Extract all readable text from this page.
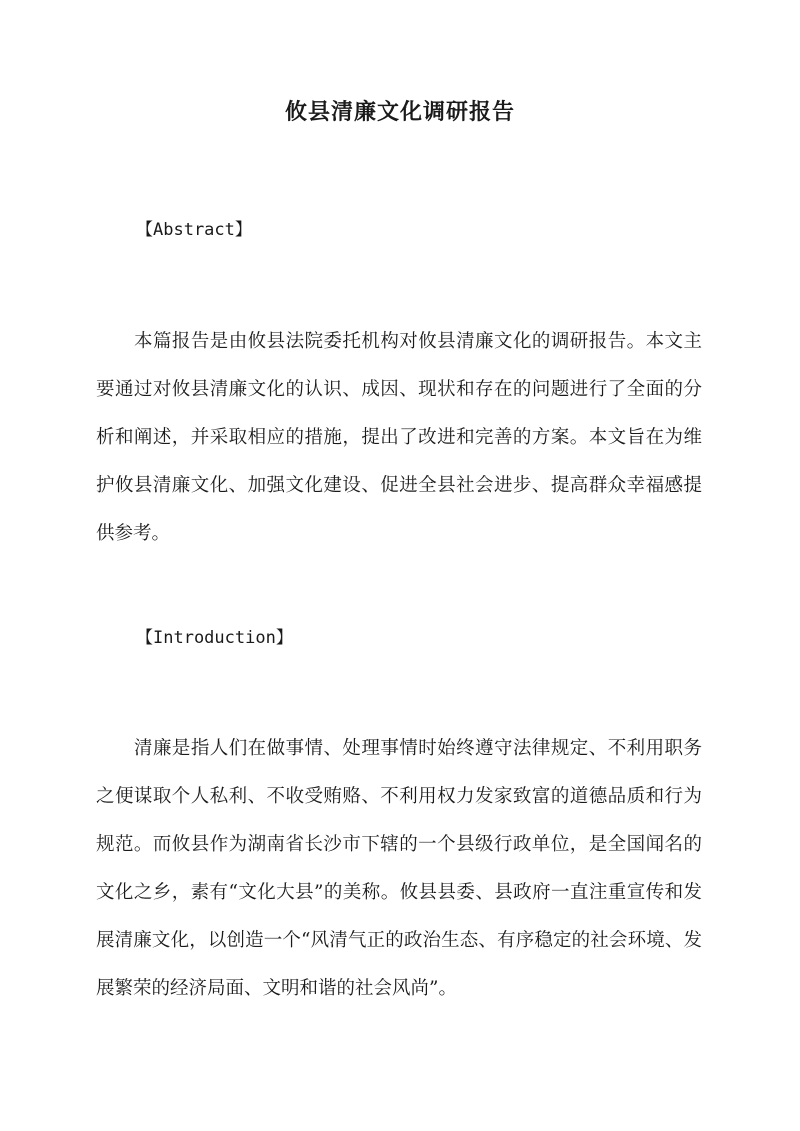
攸县清廉文化调研报告
【Abstract】

本篇报告是由攸县法院委托机构对攸县清廉文化的调研报告。本文主要通过对攸县清廉文化的认识、成因、现状和存在的问题进行了全面的分析和阐述，并采取相应的措施，提出了改进和完善的方案。本文旨在为维护攸县清廉文化、加强文化建设、促进全县社会进步、提高群众幸福感提供参考。

【Introduction】

清廉是指人们在做事情、处理事情时始终遵守法律规定、不利用职务之便谋取个人私利、不收受贿赂、不利用权力发家致富的道德品质和行为规范。而攸县作为湖南省长沙市下辖的一个县级行政单位，是全国闻名的文化之乡，素有“文化大县”的美称。攸县县委、县政府一直注重宣传和发展清廉文化，以创造一个“风清气正的政治生态、有序稳定的社会环境、发展繁荣的经济局面、文明和谐的社会风尚”。
